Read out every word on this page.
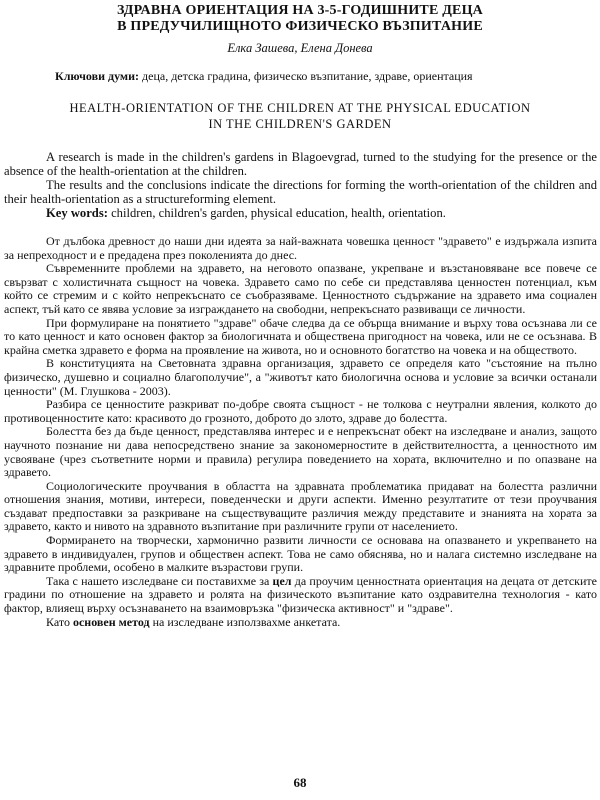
ЗДРАВНА ОРИЕНТАЦИЯ НА 3-5-ГОДИШНИТЕ ДЕЦА
В ПРЕДУЧИЛИЩНОТО ФИЗИЧЕСКО ВЪЗПИТАНИЕ
Елка Зашева, Елена Донева
Ключови думи: деца, детска градина, физическо възпитание, здраве, ориентация
HEALTH-ORIENTATION OF THE CHILDREN AT THE PHYSICAL EDUCATION
IN THE CHILDREN'S GARDEN

A research is made in the children's gardens in Blagoevgrad, turned to the studying for the presence or the absence of the health-orientation at the children.

The results and the conclusions indicate the directions for forming the worth-orientation of the children and their health-orientation as a structureforming element.

Key words: children, children's garden, physical education, health, orientation.

От дълбока древност до наши дни идеята за най-важната човешка ценност "здравето" е издържала изпита за непреходност и е предадена през поколенията до днес.

Съвременните проблеми на здравето, на неговото опазване, укрепване и възстановяване все повече се свързват с холистичната същност на човека. Здравето само по себе си представлява ценностен потенциал, към който се стремим и с който непрекъснато се съобразяваме. Ценностното съдържание на здравето има социален аспект, тъй като се явява условие за изграждането на свободни, непрекъснато развиващи се личности.

При формулиране на понятието "здраве" обаче следва да се обърща внимание и върху това осъзнава ли се то като ценност и като основен фактор за биологичната и обществена пригодност на човека, или не се осъзнава. В крайна сметка здравето е форма на проявление на живота, но и основното богатство на човека и на обществото.

В конституцията на Световната здравна организация, здравето се определя като "състояние на пълно физическо, душевно и социално благополучие", а "животът като биологична основа и условие за всички останали ценности" (М. Глушкова - 2003).

Разбира се ценностите разкриват по-добре своята същност - не толкова с неутрални явления, колкото до противоценностите като: красивото до грозното, доброто до злото, здраве до болестта.

Болестта без да бъде ценност, представлява интерес и е непрекъснат обект на изследване и анализ, защото научното познание ни дава непосредствено знание за закономерностите в действителността, а ценностното им усвояване (чрез съответните норми и правила) регулира поведението на хората, включително и по опазване на здравето.

Социологическите проучвания в областта на здравната проблематика придават на болестта различни отношения знания, мотиви, интереси, поведенчески и други аспекти. Именно резултатите от тези проучвания създават предпоставки за разкриване на съществуващите различия между представите и знанията на хората за здравето, както и нивото на здравното възпитание при различните групи от населението.

Формирането на творчески, хармонично развити личности се основава на опазването и укрепването на здравето в индивидуален, групов и обществен аспект. Това не само обяснява, но и налага системно изследване на здравните проблеми, особено в малките възрастови групи.

Така с нашето изследване си поставихме за цел да проучим ценностната ориентация на децата от детските градини по отношение на здравето и ролята на физическото възпитание като оздравителна технология - като фактор, влияещ върху осъзнаването на взаимовръзка "физическа активност" и "здраве".

Като основен метод на изследване използвахме анкетата.

68
